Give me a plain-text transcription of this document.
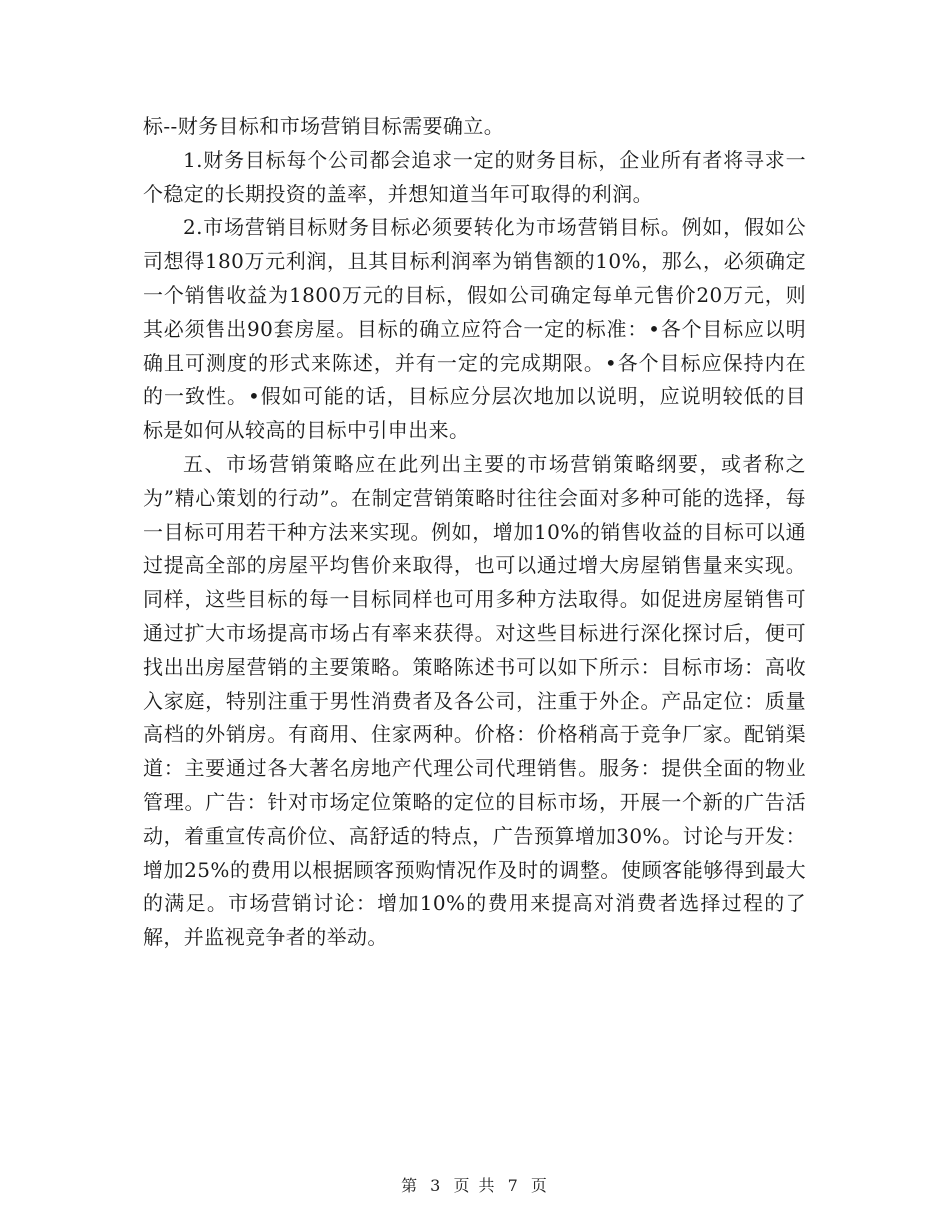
标--财务目标和市场营销目标需要确立。

1.财务目标每个公司都会追求一定的财务目标，企业所有者将寻求一个稳定的长期投资的盖率，并想知道当年可取得的利润。

2.市场营销目标财务目标必须要转化为市场营销目标。例如，假如公司想得180万元利润，且其目标利润率为销售额的10%，那么，必须确定一个销售收益为1800万元的目标，假如公司确定每单元售价20万元，则其必须售出90套房屋。目标的确立应符合一定的标准：•各个目标应以明确且可测度的形式来陈述，并有一定的完成期限。•各个目标应保持内在的一致性。•假如可能的话，目标应分层次地加以说明，应说明较低的目标是如何从较高的目标中引申出来。

五、市场营销策略应在此列出主要的市场营销策略纲要，或者称之为”精心策划的行动”。在制定营销策略时往往会面对多种可能的选择，每一目标可用若干种方法来实现。例如，增加10%的销售收益的目标可以通过提高全部的房屋平均售价来取得，也可以通过增大房屋销售量来实现。同样，这些目标的每一目标同样也可用多种方法取得。如促进房屋销售可通过扩大市场提高市场占有率来获得。对这些目标进行深化探讨后，便可找出出房屋营销的主要策略。策略陈述书可以如下所示：目标市场：高收入家庭，特别注重于男性消费者及各公司，注重于外企。产品定位：质量高档的外销房。有商用、住家两种。价格：价格稍高于竞争厂家。配销渠道：主要通过各大著名房地产代理公司代理销售。服务：提供全面的物业管理。广告：针对市场定位策略的定位的目标市场，开展一个新的广告活动，着重宣传高价位、高舒适的特点，广告预算增加30%。讨论与开发：增加25%的费用以根据顾客预购情况作及时的调整。使顾客能够得到最大的满足。市场营销讨论：增加10%的费用来提高对消费者选择过程的了解，并监视竞争者的举动。

第 3 页 共 7 页
